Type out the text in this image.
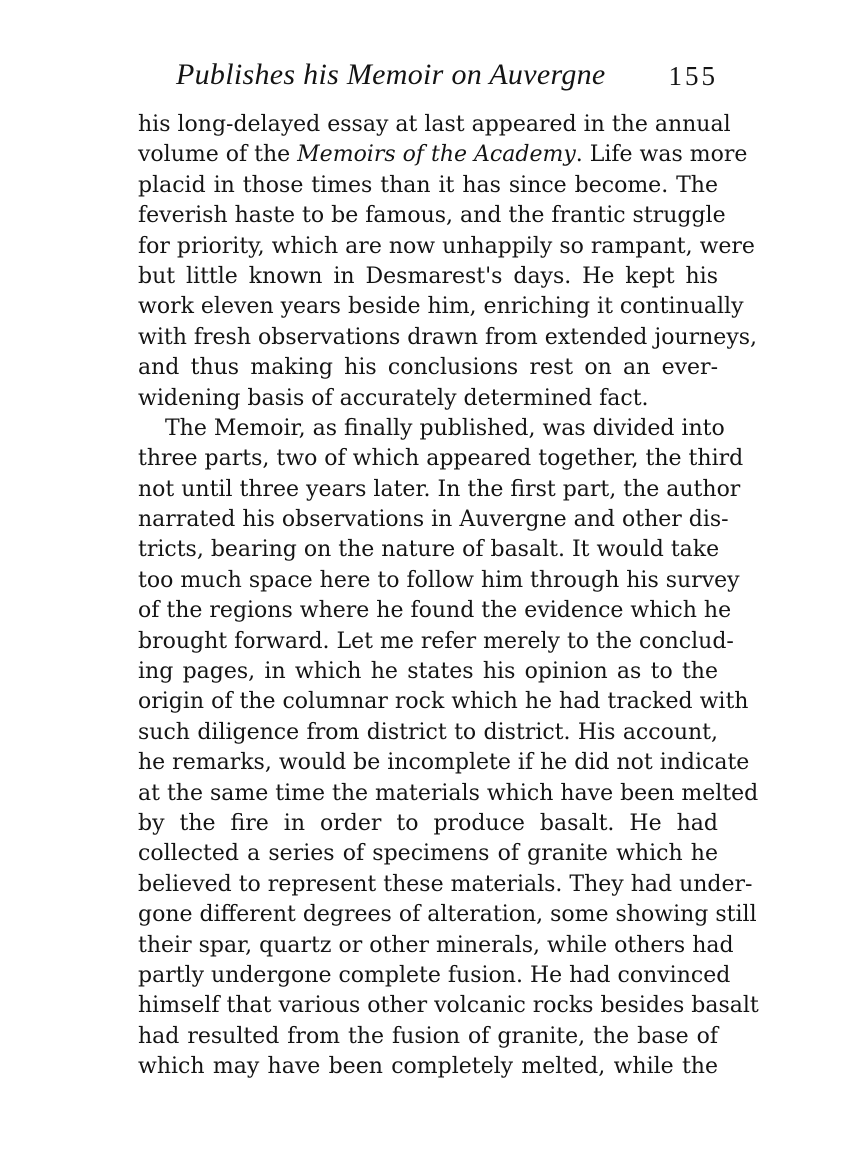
Publishes his Memoir on Auvergne 155
his long-delayed essay at last appeared in the annual
volume of the Memoirs of the Academy. Life was more
placid in those times than it has since become. The
feverish haste to be famous, and the frantic struggle
for priority, which are now unhappily so rampant, were
but little known in Desmarest's days. He kept his
work eleven years beside him, enriching it continually
with fresh observations drawn from extended journeys,
and thus making his conclusions rest on an ever-
widening basis of accurately determined fact.
The Memoir, as finally published, was divided into
three parts, two of which appeared together, the third
not until three years later. In the first part, the author
narrated his observations in Auvergne and other dis-
tricts, bearing on the nature of basalt. It would take
too much space here to follow him through his survey
of the regions where he found the evidence which he
brought forward. Let me refer merely to the conclud-
ing pages, in which he states his opinion as to the
origin of the columnar rock which he had tracked with
such diligence from district to district. His account,
he remarks, would be incomplete if he did not indicate
at the same time the materials which have been melted
by the fire in order to produce basalt. He had
collected a series of specimens of granite which he
believed to represent these materials. They had under-
gone different degrees of alteration, some showing still
their spar, quartz or other minerals, while others had
partly undergone complete fusion. He had convinced
himself that various other volcanic rocks besides basalt
had resulted from the fusion of granite, the base of
which may have been completely melted, while the
